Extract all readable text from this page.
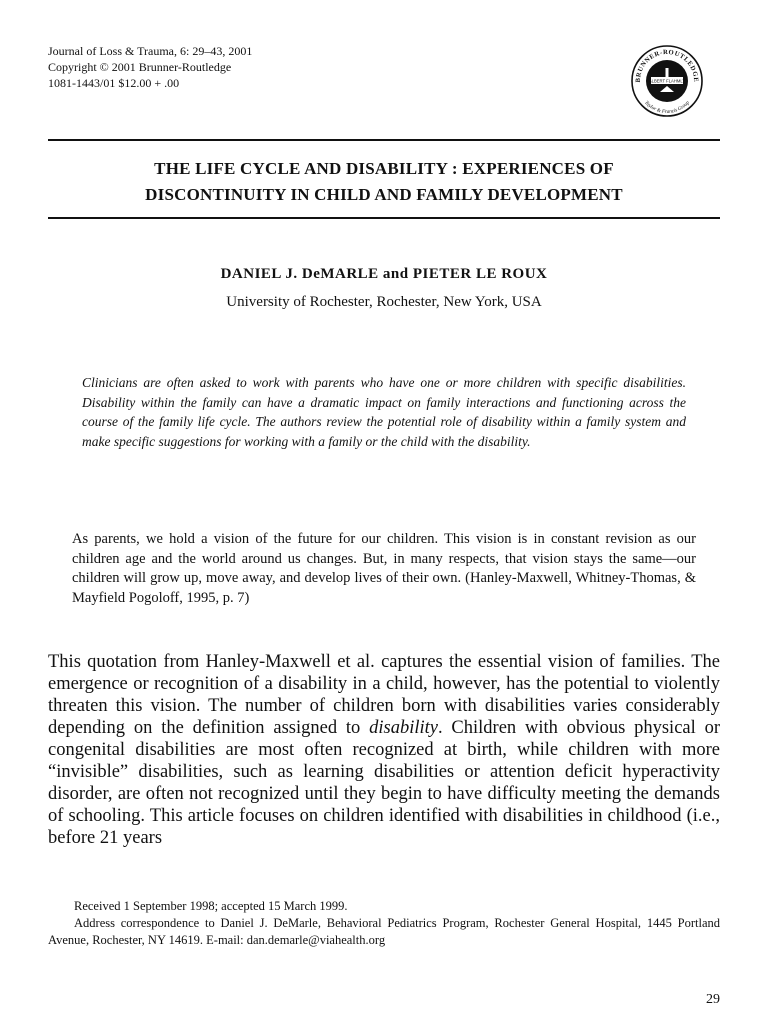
Journal of Loss & Trauma, 6: 29–43, 2001
Copyright © 2001 Brunner-Routledge
1081-1443/01 $12.00 + .00	BRUNNER-ROUTLEDGE
Taylor & Francis Group
ALBERT FLAHMLY
THE LIFE CYCLE AND DISABILITY : EXPERIENCES OF
DISCONTINUITY IN CHILD AND FAMILY DEVELOPMENT
DANIEL J. DeMARLE and PIETER LE ROUX
University of Rochester, Rochester, New York, USA

Clinicians are often asked to work with parents who have one or more children with specific disabilities. Disability within the family can have a dramatic impact on family interactions and functioning across the course of the family life cycle. The authors review the potential role of disability within a family system and make specific suggestions for working with a family or the child with the disability.

As parents, we hold a vision of the future for our children. This vision is in constant revision as our children age and the world around us changes. But, in many respects, that vision stays the same—our children will grow up, move away, and develop lives of their own. (Hanley-Maxwell, Whitney-Thomas, & Mayfield Pogoloff, 1995, p. 7)

This quotation from Hanley-Maxwell et al. captures the essential vision of families. The emergence or recognition of a disability in a child, however, has the potential to violently threaten this vision. The number of children born with disabilities varies considerably depending on the definition assigned to disability. Children with obvious physical or congenital disabilities are most often recognized at birth, while children with more “invisible” disabilities, such as learning disabilities or attention deficit hyperactivity disorder, are often not recognized until they begin to have difficulty meeting the demands of schooling. This article focuses on children identified with disabilities in childhood (i.e., before 21 years

Received 1 September 1998; accepted 15 March 1999.

Address correspondence to Daniel J. DeMarle, Behavioral Pediatrics Program, Rochester General Hospital, 1445 Portland Avenue, Rochester, NY 14619. E-mail: dan.demarle@viahealth.org

29
